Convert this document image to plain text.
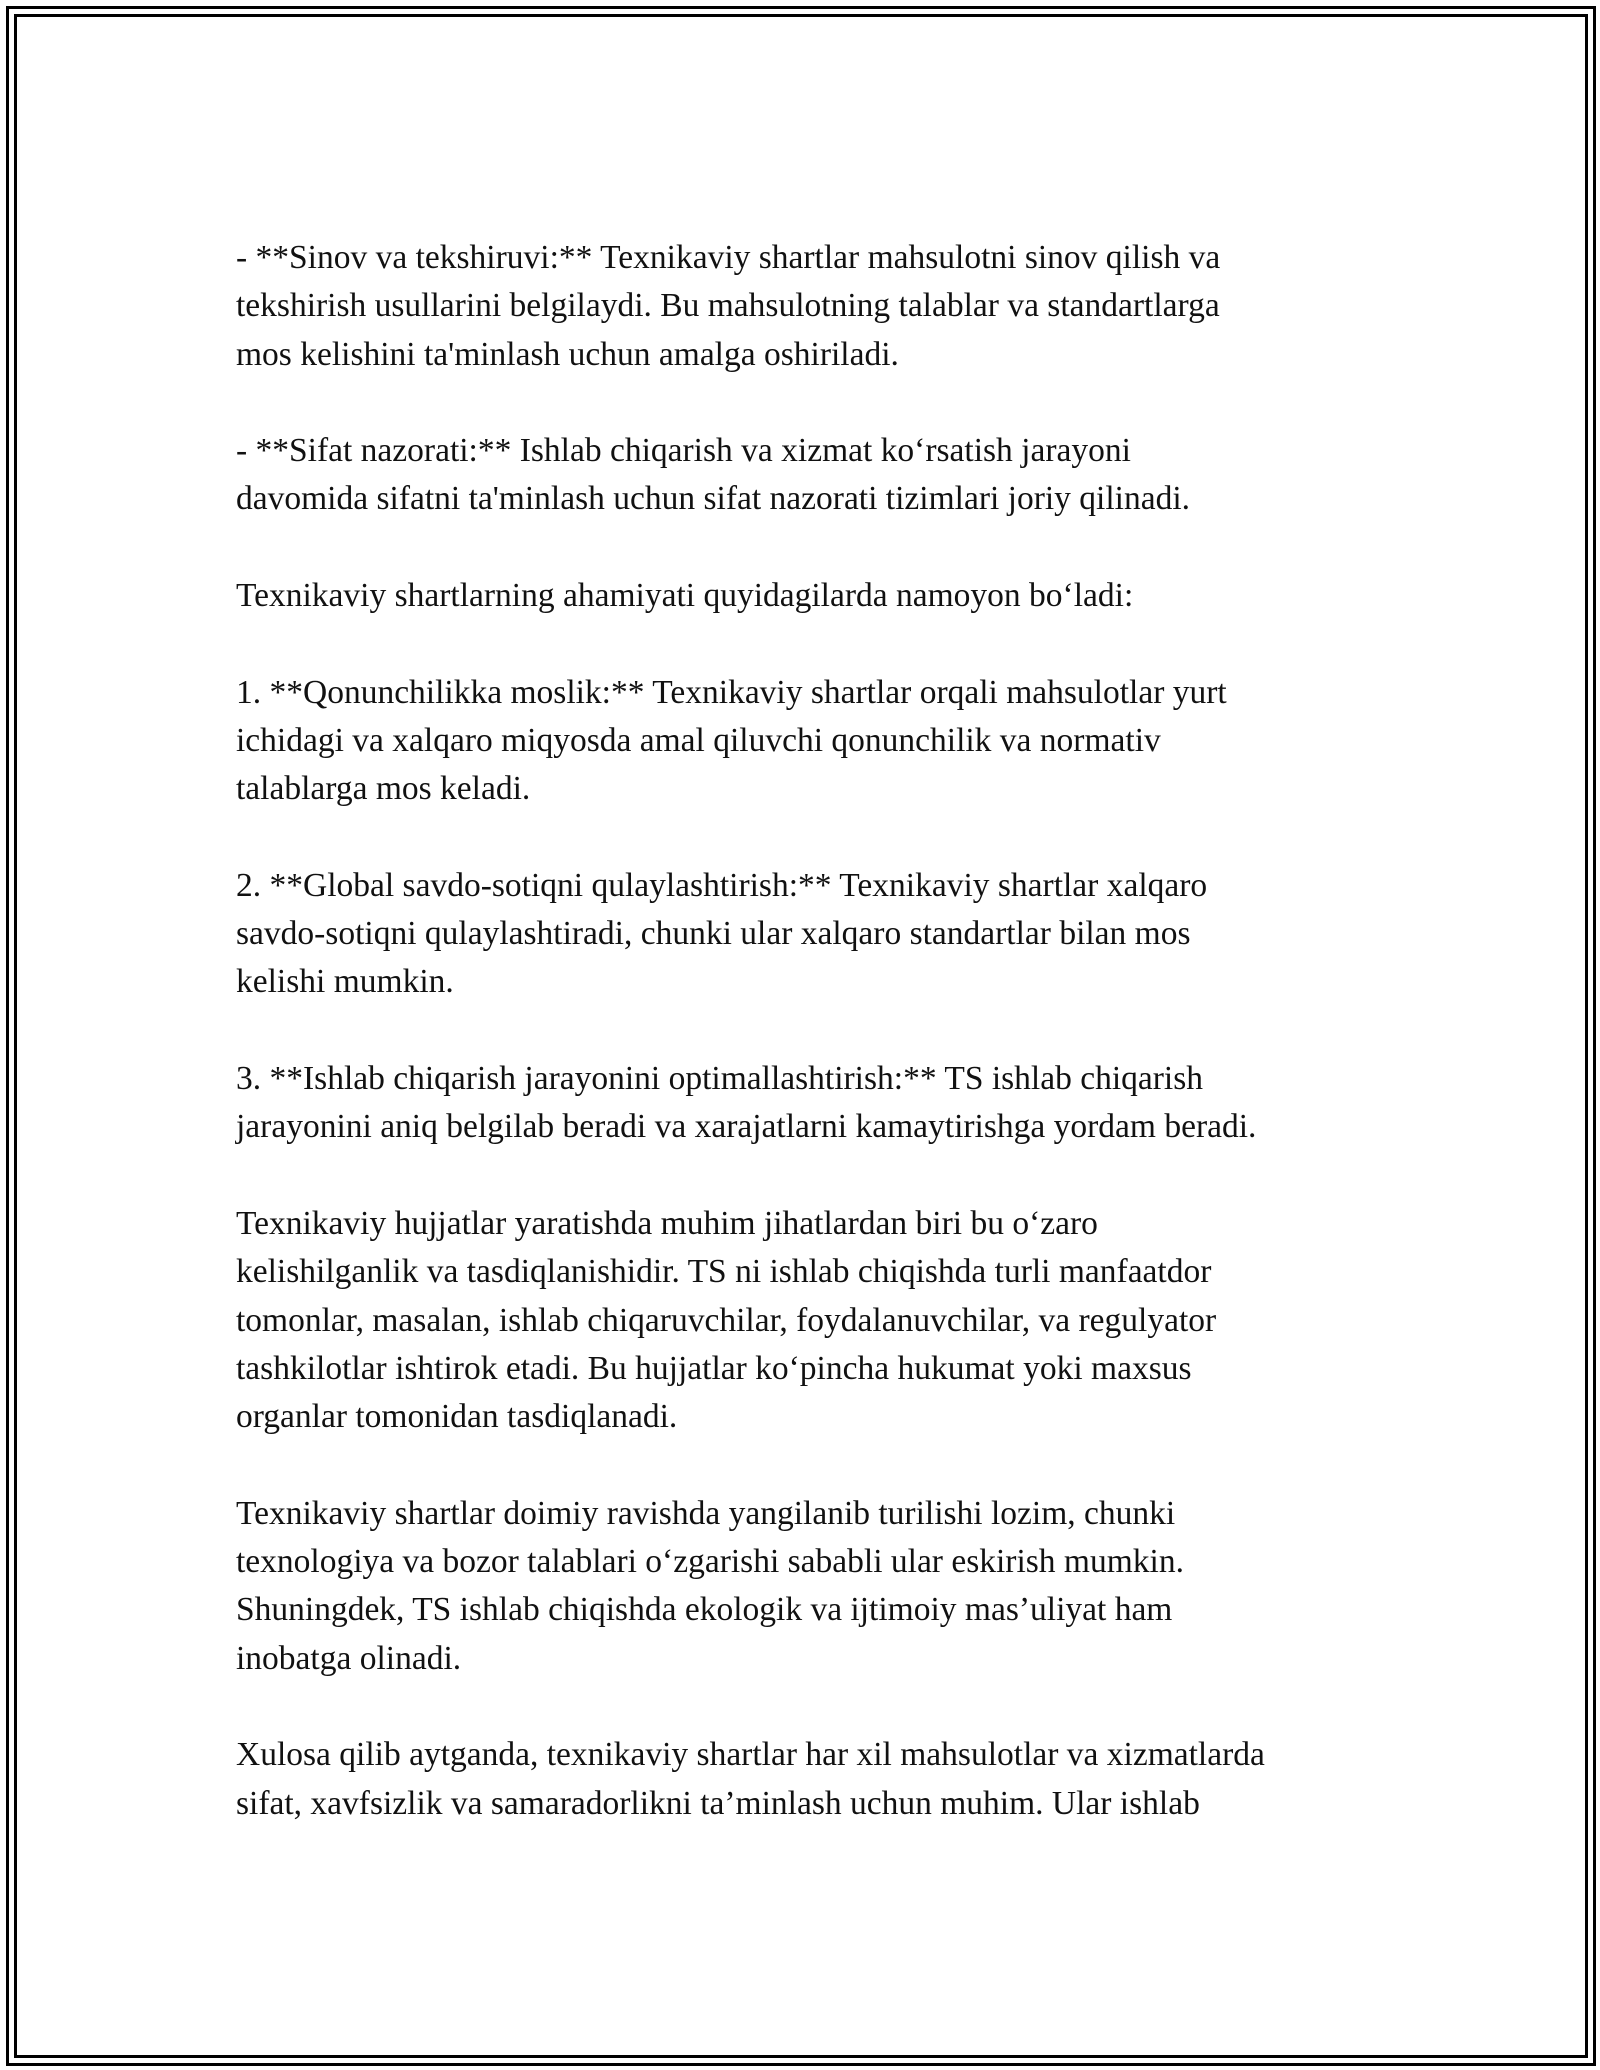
- **Sinov va tekshiruvi:** Texnikaviy shartlar mahsulotni sinov qilish va
tekshirish usullarini belgilaydi. Bu mahsulotning talablar va standartlarga
mos kelishini ta'minlash uchun amalga oshiriladi.

- **Sifat nazorati:** Ishlab chiqarish va xizmat ko‘rsatish jarayoni
davomida sifatni ta'minlash uchun sifat nazorati tizimlari joriy qilinadi.

Texnikaviy shartlarning ahamiyati quyidagilarda namoyon bo‘ladi:

1. **Qonunchilikka moslik:** Texnikaviy shartlar orqali mahsulotlar yurt
ichidagi va xalqaro miqyosda amal qiluvchi qonunchilik va normativ
talablarga mos keladi.

2. **Global savdo-sotiqni qulaylashtirish:** Texnikaviy shartlar xalqaro
savdo-sotiqni qulaylashtiradi, chunki ular xalqaro standartlar bilan mos
kelishi mumkin.

3. **Ishlab chiqarish jarayonini optimallashtirish:** TS ishlab chiqarish
jarayonini aniq belgilab beradi va xarajatlarni kamaytirishga yordam beradi.

Texnikaviy hujjatlar yaratishda muhim jihatlardan biri bu o‘zaro
kelishilganlik va tasdiqlanishidir. TS ni ishlab chiqishda turli manfaatdor
tomonlar, masalan, ishlab chiqaruvchilar, foydalanuvchilar, va regulyator
tashkilotlar ishtirok etadi. Bu hujjatlar ko‘pincha hukumat yoki maxsus
organlar tomonidan tasdiqlanadi.

Texnikaviy shartlar doimiy ravishda yangilanib turilishi lozim, chunki
texnologiya va bozor talablari o‘zgarishi sababli ular eskirish mumkin.
Shuningdek, TS ishlab chiqishda ekologik va ijtimoiy mas’uliyat ham
inobatga olinadi.

Xulosa qilib aytganda, texnikaviy shartlar har xil mahsulotlar va xizmatlarda
sifat, xavfsizlik va samaradorlikni ta’minlash uchun muhim. Ular ishlab
